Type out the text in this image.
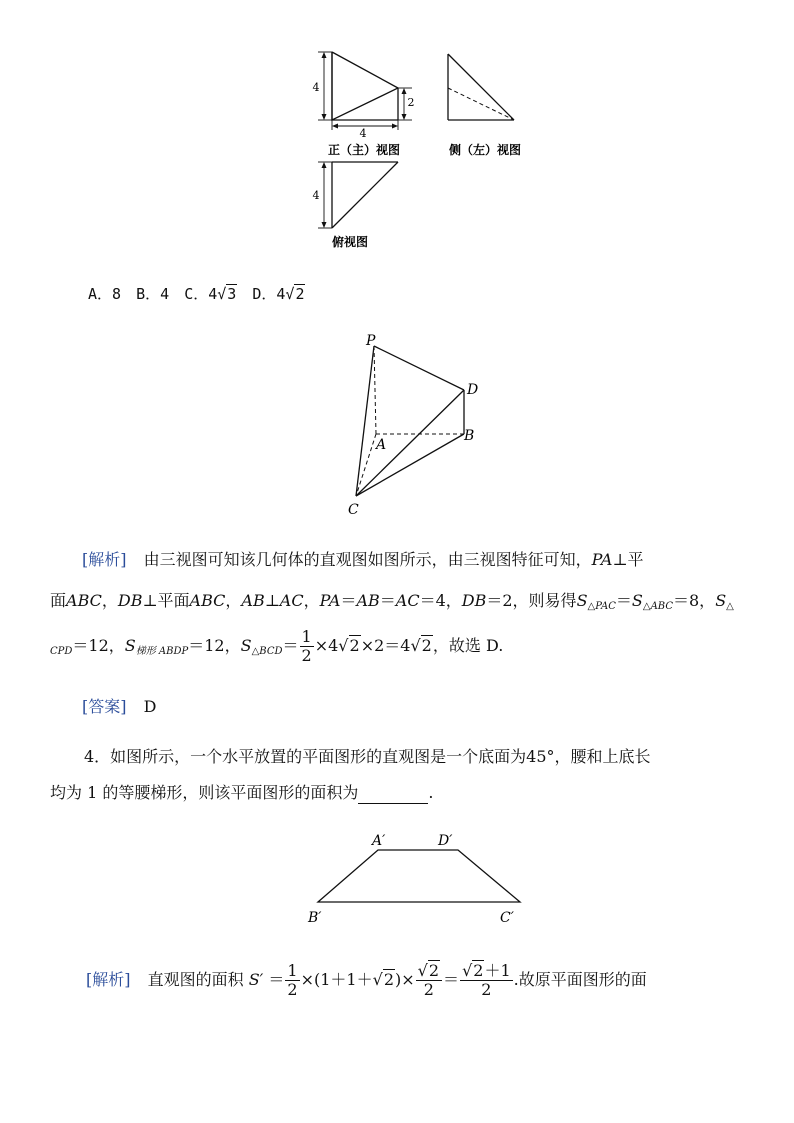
4
2
4
正（主）视图	侧（左）视图
4
俯视图
A．8 B．4 C．4√3 D．4√2
P
D
A
B
C
[解析] 由三视图可知该几何体的直观图如图所示，由三视图特征可知，PA⊥平
面ABC，DB⊥平面ABC，AB⊥AC，PA＝AB＝AC＝4，DB＝2，则易得$S_{\triangle PAC}=S_{\triangle ABC}=8$，$S_\triangle$
$_{CPD}$＝12，$S_{梯形 ABDP}=12$，$S_{\triangle BCD}= \frac{1}{2} \times 4√2\times 2=4√2$，故选 D.
[答案] D
4．如图所示，一个水平放置的平面图形的直观图是一个底面为45°，腰和上底长
均为 1 的等腰梯形，则该平面图形的面积为	.
A′	D′
B′	C′
[解析] 直观图的面积 $S' = \frac{1}{2} \times(1+1+√2)\times \frac{√2}{2} = \frac{√2+1}{2}$ .故原平面图形的面
